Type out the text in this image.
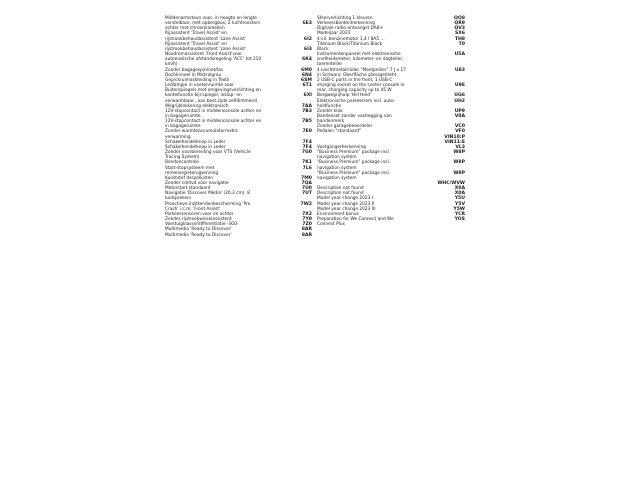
Middenarmsteun voor, in hoogte en lengte
verstelbaar, met opbergbox; 2 luchtroosters	6E3
achter met chroomlamellen
Rijassistent 'Travel Assist' en
rijstrookbehoudassistent 'Lane Assist'	6I2
Rijassistent 'Travel Assist' en
rijstrookbehoudassistent 'Lane Assist'	6I3
Noodremassistent 'Front Assist'voor
automatische afstandsregeling 'ACC' tot 210	6K4
km/h)
Zonder bagagespin/net/tas	6M0
Dochlinneel in Mistralgrau	6N4
Gep/ckruimaskleiding in Textil	6SM
Ledlampje in voetenruimte voor	6T1
Buitenspiegels met omgevingsverlichting en
kantelfunctie bijr.spiegel, inklap- en	6XI
verwarmbaar., aan best.zijde zelfdimmend
Wegrijblokkering elektronisch	7AA
12V-stopcontact in middenconsole achter en	7B3
in bagageruimte
12V-stopcontact in middenconsole achter en	7B5
in bagageruimte
Zonder warmteaccumulator/extra	7E0
verwarming
Schakelhendelknop in Leder	7F4
Schakelhendelknop in Leder	7F4
Zonder voorbereiding voor VTS (Vehicle	7G0
Tracing System)
Bandencontrole	7K1
Start-stopsysteem met	7L6
remenergieterugwinning
Kunststof dorpellijsten	7M0
Zonder cd/dvd voor navigatie	7QA
Motorstart standaard	7U0
Navigatie 'Discover Media' (20,3 cm), 8	7UT
luidsprekers
Proactieve inzittendenbescherming 'Pre	7W2
Crash' i.c.m. 'Front Assist'
Parkeersensoren voor en achter	7X2
Zonder rijstrookwisselassistent	7Y0
Voertuigklasse/differentiatie -3G0-	7Z0
Multimedia 'Ready to Discover'	8AR
Multimedia 'Ready to Discover'	8AR
Sfeerverlichting 1 kleuren	QQ8
Verkeersbordenherkenning	QR9
Digitale radio-ontvangst DAB+	QV3
Modeljaar 2023	SX6
4-cil. benzinemotor 1,4 l 8A5 ...	TH8
Titanium Black/Titanium Black	T0
Black
Instrumentenpaneel met elektronische	U5A
snelheidsmeter, kilometer- en dagteller,
toerenteller
4 Leichtmetallräder "Montpellier" 7 J x 17	U83
in Schwarz, Oberfläche glanzgedreht
2 USB-C ports in the front, 1 USB-C
charging socket on the center console in	U9E
rear, charging capacity up to 45 W
Bergwegrijhulp 'Hill Hold'	UG6
Elektronische parkeerrem incl. auto-	UH2
holdfunctie
Zonder klok	UP9
Bandenset zonder vastlegging van	V0A
bandenmerk
Zonder garagebeoordeler	VC0
Pedalen "standaard"	VF0
VIN10:P
VIN11:E
Voetgangerherkenning	VL3
"Business Premium" package incl.	W8P
navigation system
"Business Premium" package incl.	W8P
navigation system
"Business Premium" package incl.	W8P
navigation system
WHC/WVW
Description not found	X0A
Description not found	X0A
Model year change 2023 I	Y5U
Model year change 2023 II	Y5V
Model year change 2023 III	Y5W
Environment bonus	YCR
Preparation for We Connect and We	YOS
Connect Plus
